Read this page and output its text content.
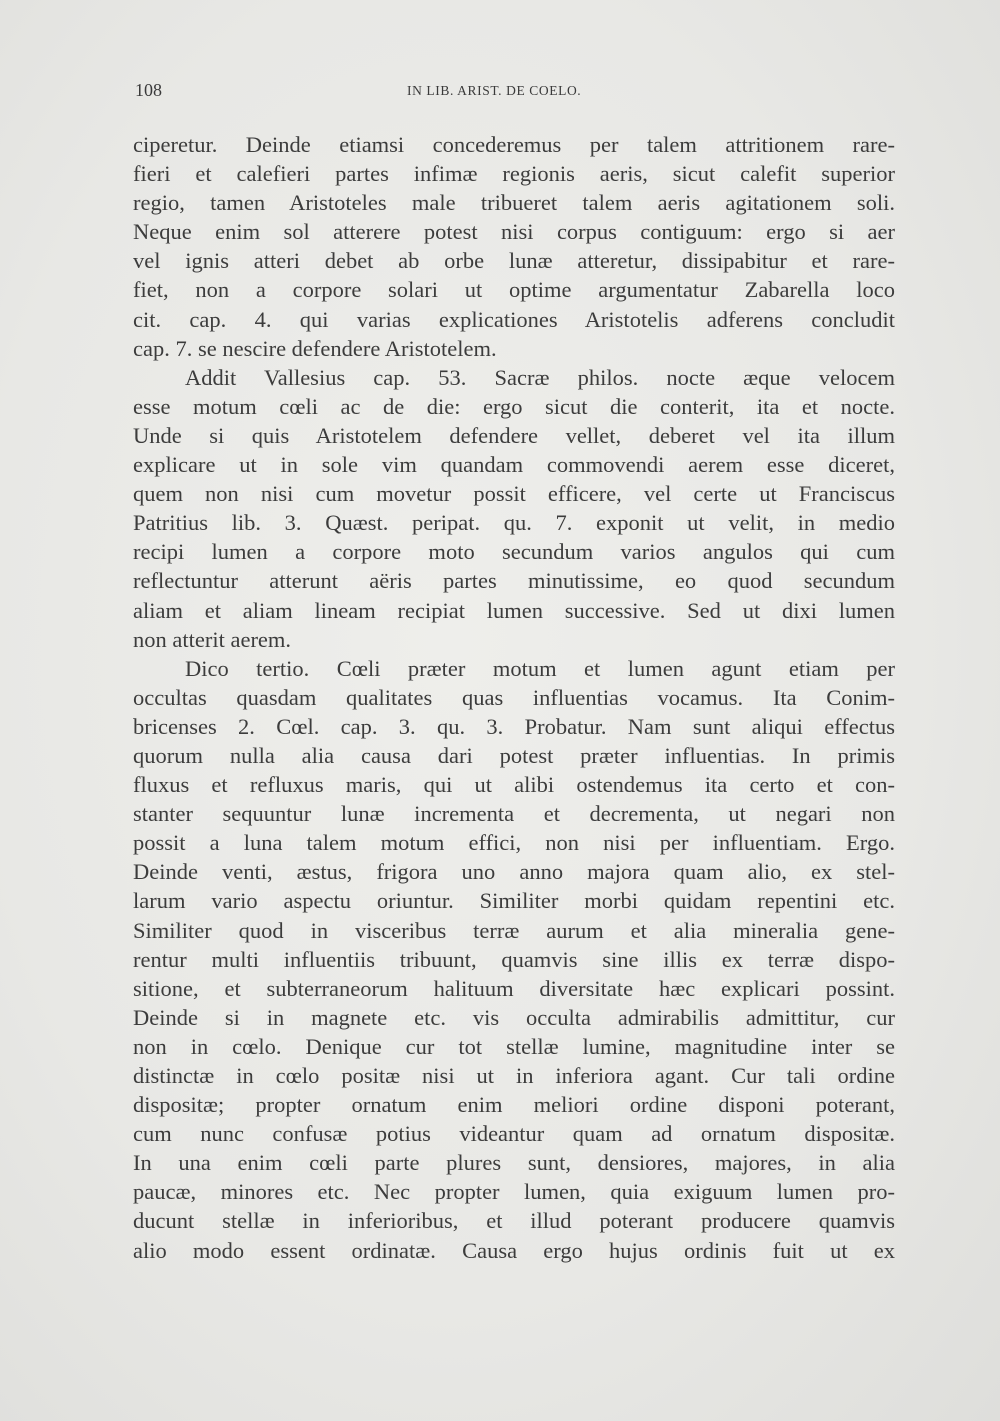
108	IN LIB. ARIST. DE COELO.
ciperetur. Deinde etiamsi concederemus per talem attritionem rare-
fieri et calefieri partes infimæ regionis aeris, sicut calefit superior
regio, tamen Aristoteles male tribueret talem aeris agitationem soli.
Neque enim sol atterere potest nisi corpus contiguum: ergo si aer
vel ignis atteri debet ab orbe lunæ atteretur, dissipabitur et rare-
fiet, non a corpore solari ut optime argumentatur Zabarella loco
cit. cap. 4. qui varias explicationes Aristotelis adferens concludit
cap. 7. se nescire defendere Aristotelem.
Addit Vallesius cap. 53. Sacræ philos. nocte æque velocem
esse motum cœli ac de die: ergo sicut die conterit, ita et nocte.
Unde si quis Aristotelem defendere vellet, deberet vel ita illum
explicare ut in sole vim quandam commovendi aerem esse diceret,
quem non nisi cum movetur possit efficere, vel certe ut Franciscus
Patritius lib. 3. Quæst. peripat. qu. 7. exponit ut velit, in medio
recipi lumen a corpore moto secundum varios angulos qui cum
reflectuntur atterunt aëris partes minutissime, eo quod secundum
aliam et aliam lineam recipiat lumen successive. Sed ut dixi lumen
non atterit aerem.
Dico tertio. Cœli præter motum et lumen agunt etiam per
occultas quasdam qualitates quas influentias vocamus. Ita Conim-
bricenses 2. Cœl. cap. 3. qu. 3. Probatur. Nam sunt aliqui effectus
quorum nulla alia causa dari potest præter influentias. In primis
fluxus et refluxus maris, qui ut alibi ostendemus ita certo et con-
stanter sequuntur lunæ incrementa et decrementa, ut negari non
possit a luna talem motum effici, non nisi per influentiam. Ergo.
Deinde venti, æstus, frigora uno anno majora quam alio, ex stel-
larum vario aspectu oriuntur. Similiter morbi quidam repentini etc.
Similiter quod in visceribus terræ aurum et alia mineralia gene-
rentur multi influentiis tribuunt, quamvis sine illis ex terræ dispo-
sitione, et subterraneorum halituum diversitate hæc explicari possint.
Deinde si in magnete etc. vis occulta admirabilis admittitur, cur
non in cœlo. Denique cur tot stellæ lumine, magnitudine inter se
distinctæ in cœlo positæ nisi ut in inferiora agant. Cur tali ordine
dispositæ; propter ornatum enim meliori ordine disponi poterant,
cum nunc confusæ potius videantur quam ad ornatum dispositæ.
In una enim cœli parte plures sunt, densiores, majores, in alia
paucæ, minores etc. Nec propter lumen, quia exiguum lumen pro-
ducunt stellæ in inferioribus, et illud poterant producere quamvis
alio modo essent ordinatæ. Causa ergo hujus ordinis fuit ut ex
